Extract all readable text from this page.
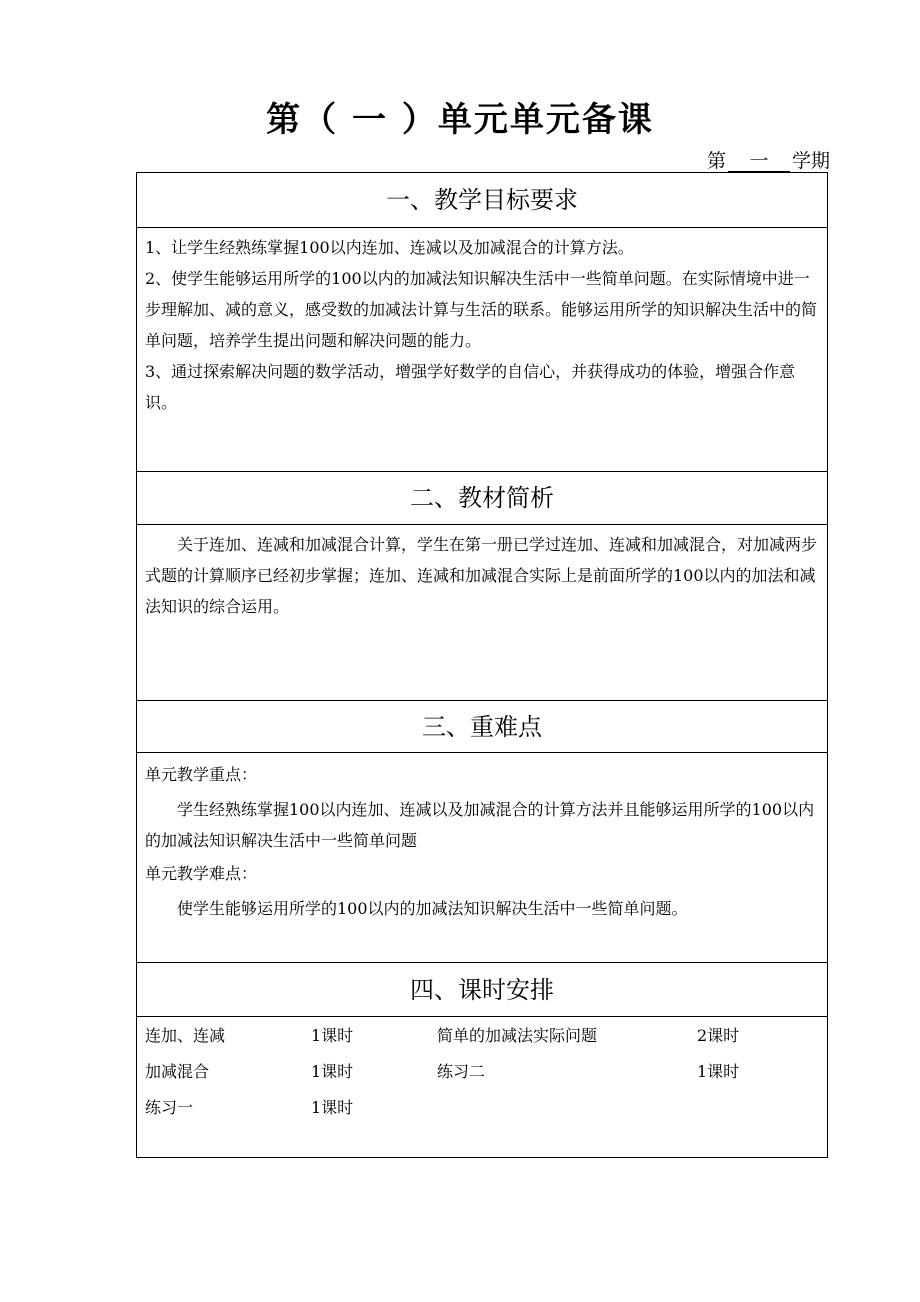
第（ 一 ）单元单元备课
第 一 学期
一、教学目标要求

1、让学生经熟练掌握100以内连加、连减以及加减混合的计算方法。

2、使学生能够运用所学的100以内的加减法知识解决生活中一些简单问题。在实际情境中进一步理解加、减的意义，感受数的加减法计算与生活的联系。能够运用所学的知识解决生活中的简单问题，培养学生提出问题和解决问题的能力。

3、通过探索解决问题的数学活动，增强学好数学的自信心，并获得成功的体验，增强合作意识。

二、教材简析

关于连加、连减和加减混合计算，学生在第一册已学过连加、连减和加减混合，对加减两步式题的计算顺序已经初步掌握；连加、连减和加减混合实际上是前面所学的100以内的加法和减法知识的综合运用。

三、重难点

单元教学重点：

学生经熟练掌握100以内连加、连减以及加减混合的计算方法并且能够运用所学的100以内的加减法知识解决生活中一些简单问题

单元教学难点：

使学生能够运用所学的100以内的加减法知识解决生活中一些简单问题。

四、课时安排
连加、连减	1课时	简单的加减法实际问题	2课时
加减混合	1课时	练习二	1课时
练习一	1课时
